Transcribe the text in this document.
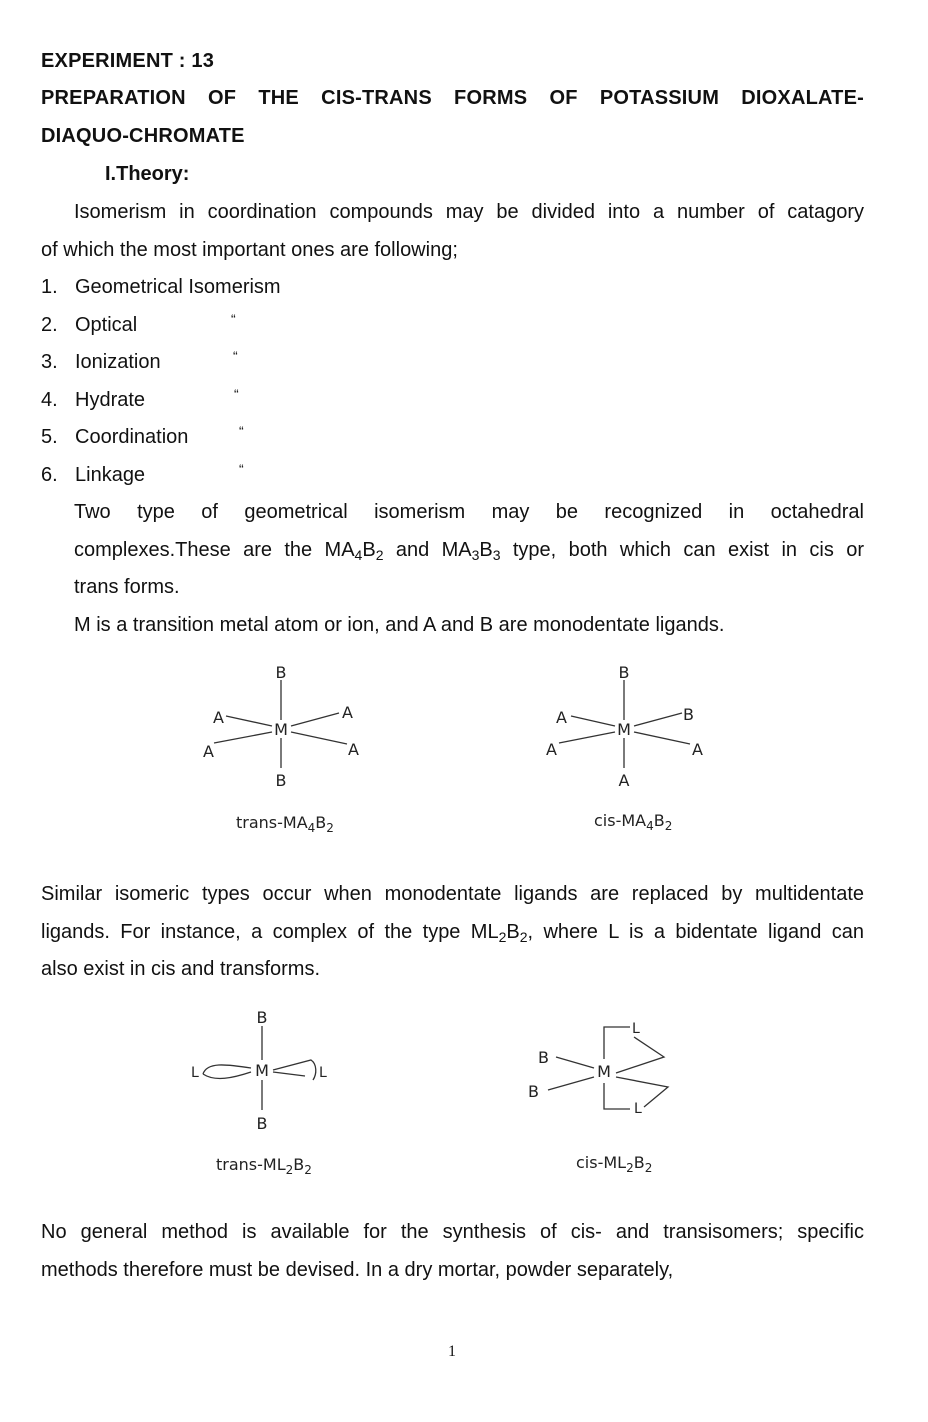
EXPERIMENT : 13
PREPARATION OF THE CIS-TRANS FORMS OF POTASSIUM DIOXALATE-
DIAQUO-CHROMATE
I.Theory:
Isomerism in coordination compounds may be divided into a number of catagory
of which the most important ones are following;
1. Geometrical Isomerism
2. Optical	“
3. Ionization	“
4. Hydrate	“
5. Coordination	“
6. Linkage	“
Two type of geometrical isomerism may be recognized in octahedral
complexes.These are the $MA_4B_2$ and $MA_3B_3$ type, both which can exist in cis or
trans forms.
M is a transition metal atom or ion, and A and B are monodentate ligands.
B
M
B
A
A
A
A
trans-$MA_4B_2$
B
M
A
A
A
B
A
cis-$MA_4B_2$
Similar isomeric types occur when monodentate ligands are replaced by multidentate
ligands. For instance, a complex of the type $ML_2B_2$, where L is a bidentate ligand can
also exist in cis and transforms.
B
M
B
L	L
trans-$ML_2B_2$
B
B
M
L
L
cis-$ML_2B_2$
No general method is available for the synthesis of cis- and transisomers; specific
methods therefore must be devised. In a dry mortar, powder separately,
1
